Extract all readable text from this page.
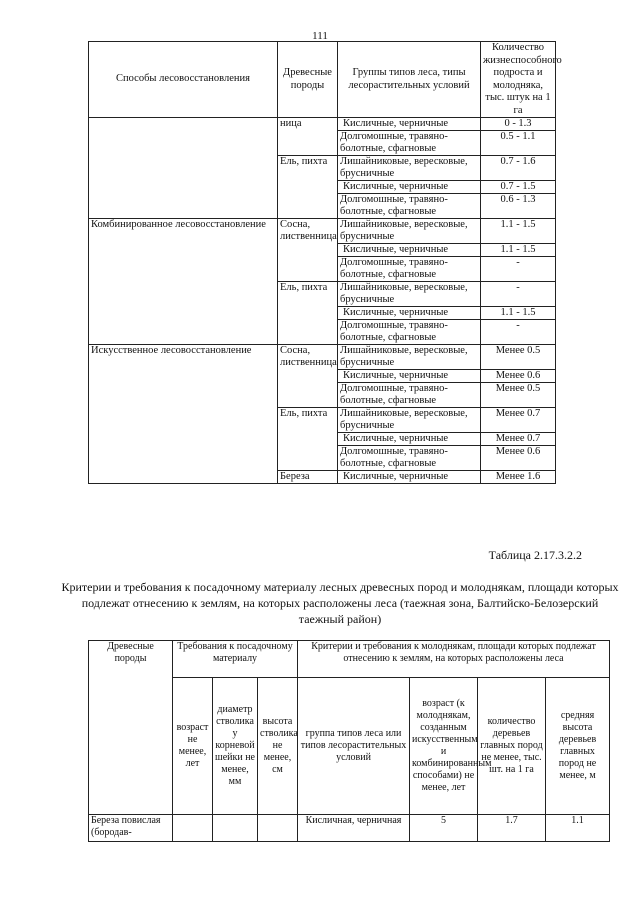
111
Способы лесовосстановления	Древесные породы	Группы типов леса, типы лесорастительных условий	Количество жизнеспособного подроста и молодняка, тыс. штук на 1 га
	ница	Кисличные, черничные	0 - 1.3
		Долгомошные, травяно-болотные, сфагновые	0.5 - 1.1
	Ель, пихта	Лишайниковые, вересковые, брусничные	0.7 - 1.6
		Кисличные, черничные	0.7 - 1.5
		Долгомошные, травяно-болотные, сфагновые	0.6 - 1.3
Комбинированное лесовосстановление	Сосна, лиственница	Лишайниковые, вересковые, брусничные	1.1 - 1.5
		Кисличные, черничные	1.1 - 1.5
		Долгомошные, травяно-болотные, сфагновые	-
	Ель, пихта	Лишайниковые, вересковые, брусничные	-
		Кисличные, черничные	1.1 - 1.5
		Долгомошные, травяно-болотные, сфагновые	-
Искусственное лесовосстановление	Сосна, лиственница	Лишайниковые, вересковые, брусничные	Менее 0.5
		Кисличные, черничные	Менее 0.6
		Долгомошные, травяно-болотные, сфагновые	Менее 0.5
	Ель, пихта	Лишайниковые, вересковые, брусничные	Менее 0.7
		Кисличные, черничные	Менее 0.7
		Долгомошные, травяно-болотные, сфагновые	Менее 0.6
	Береза	Кисличные, черничные	Менее 1.6
Таблица 2.17.3.2.2
Критерии и требования к посадочному материалу лесных древесных пород и молоднякам, площади которых подлежат отнесению к землям, на которых расположены леса (таежная зона, Балтийско-Белозерский таежный район)
Древесные породы	Требования к посадочному материалу			Критерии и требования к молоднякам, площади которых подлежат отнесению к землям, на которых расположены леса			
	возраст не менее, лет	диаметр стволика у корневой шейки не менее, мм	высота стволика не менее, см	группа типов леса или типов лесорастительных условий	возраст (к молоднякам, созданным искусственным и комбинированным способами) не менее, лет	количество деревьев главных пород не менее, тыс. шт. на 1 га	средняя высота деревьев главных пород не менее, м
Береза повислая (бородав-				Кисличная, черничная	5	1.7	1.1
